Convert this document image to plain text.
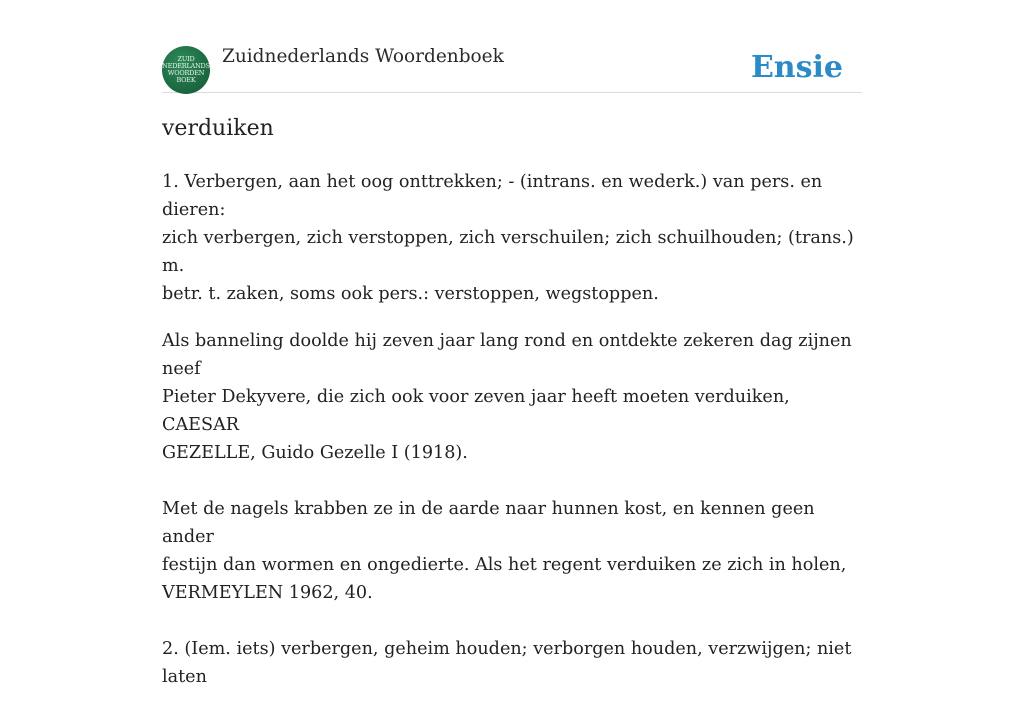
ZUID
NEDERLANDS
WOORDEN
BOEK
Zuidnederlands Woordenboek	Ensie
verduiken

1. Verbergen, aan het oog onttrekken; - (intrans. en wederk.) van pers. en dieren:
zich verbergen, zich verstoppen, zich verschuilen; zich schuilhouden; (trans.) m.
betr. t. zaken, soms ook pers.: verstoppen, wegstoppen.

Als banneling doolde hij zeven jaar lang rond en ontdekte zekeren dag zijnen neef
Pieter Dekyvere, die zich ook voor zeven jaar heeft moeten verduiken, CAESAR
GEZELLE, Guido Gezelle I (1918).

Met de nagels krabben ze in de aarde naar hunnen kost, en kennen geen ander
festijn dan wormen en ongedierte. Als het regent verduiken ze zich in holen,
VERMEYLEN 1962, 40.

2. (Iem. iets) verbergen, geheim houden; verborgen houden, verzwijgen; niet laten
